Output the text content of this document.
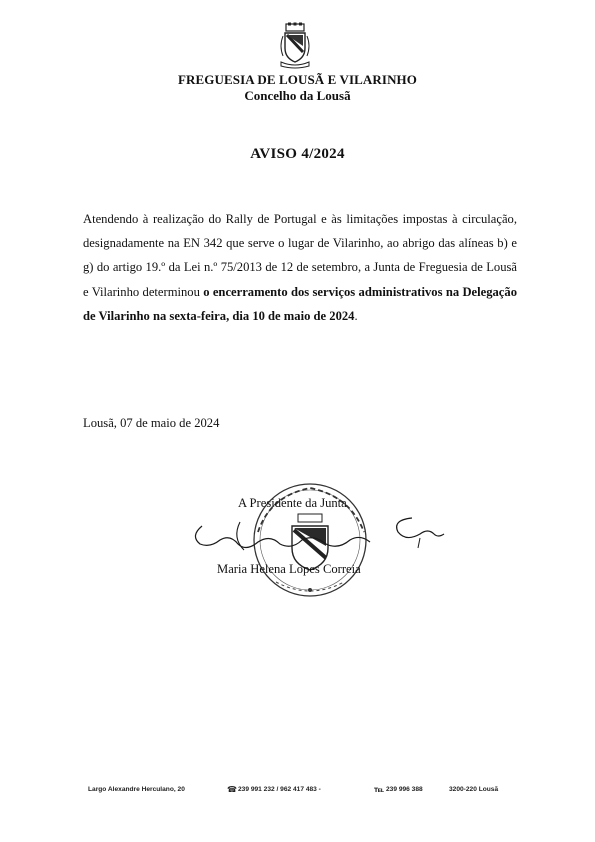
FREGUESIA DE LOUSÃ E VILARINHO
Concelho da Lousã
AVISO 4/2024
Atendendo à realização do Rally de Portugal e às limitações impostas à circulação, designadamente na EN 342 que serve o lugar de Vilarinho, ao abrigo das alíneas b) e g) do artigo 19.º da Lei n.º 75/2013 de 12 de setembro, a Junta de Freguesia de Lousã e Vilarinho determinou o encerramento dos serviços administrativos na Delegação de Vilarinho na sexta-feira, dia 10 de maio de 2024.
Lousã, 07 de maio de 2024
A Presidente da Junta
Maria Helena Lopes Correia
Largo Alexandre Herculano, 20	☎ 239 991 232 / 962 417 483 -	℡ 239 996 388	3200-220 Lousã
